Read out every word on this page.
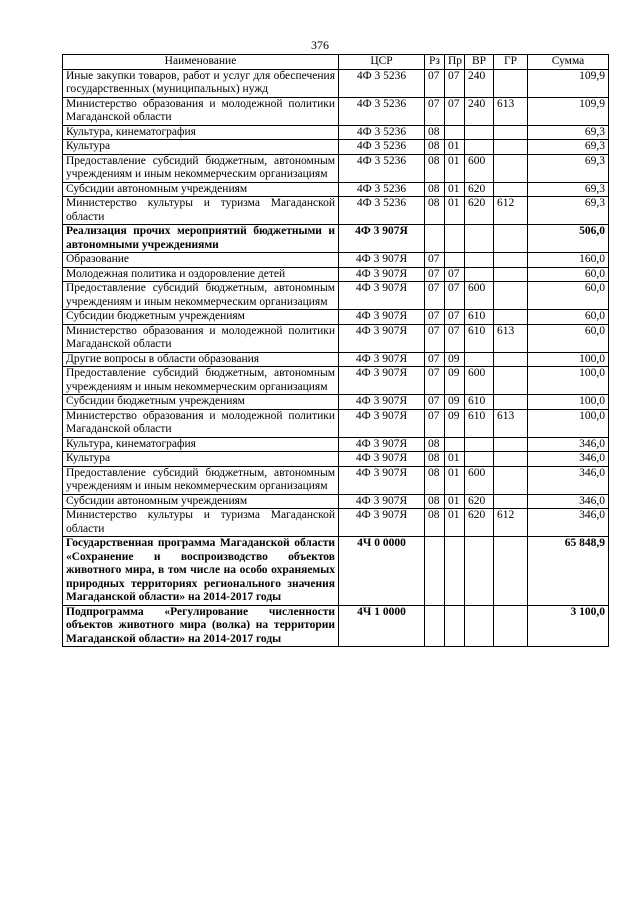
376
Наименование	ЦСР	Рз	Пр	ВР	ГР	Сумма
Иные закупки товаров, работ и услуг для обеспечения государственных (муниципальных) нужд	4Ф 3 5236	07	07	240		109,9
Министерство образования и молодежной политики Магаданской области	4Ф 3 5236	07	07	240	613	109,9
Культура, кинематография	4Ф 3 5236	08				69,3
Культура	4Ф 3 5236	08	01			69,3
Предоставление субсидий бюджетным, автономным учреждениям и иным некоммерческим организациям	4Ф 3 5236	08	01	600		69,3
Субсидии автономным учреждениям	4Ф 3 5236	08	01	620		69,3
Министерство культуры и туризма Магаданской области	4Ф 3 5236	08	01	620	612	69,3
Реализация прочих мероприятий бюджетными и автономными учреждениями	4Ф 3 907Я					506,0
Образование	4Ф 3 907Я	07				160,0
Молодежная политика и оздоровление детей	4Ф 3 907Я	07	07			60,0
Предоставление субсидий бюджетным, автономным учреждениям и иным некоммерческим организациям	4Ф 3 907Я	07	07	600		60,0
Субсидии бюджетным учреждениям	4Ф 3 907Я	07	07	610		60,0
Министерство образования и молодежной политики Магаданской области	4Ф 3 907Я	07	07	610	613	60,0
Другие вопросы в области образования	4Ф 3 907Я	07	09			100,0
Предоставление субсидий бюджетным, автономным учреждениям и иным некоммерческим организациям	4Ф 3 907Я	07	09	600		100,0
Субсидии бюджетным учреждениям	4Ф 3 907Я	07	09	610		100,0
Министерство образования и молодежной политики Магаданской области	4Ф 3 907Я	07	09	610	613	100,0
Культура, кинематография	4Ф 3 907Я	08				346,0
Культура	4Ф 3 907Я	08	01			346,0
Предоставление субсидий бюджетным, автономным учреждениям и иным некоммерческим организациям	4Ф 3 907Я	08	01	600		346,0
Субсидии автономным учреждениям	4Ф 3 907Я	08	01	620		346,0
Министерство культуры и туризма Магаданской области	4Ф 3 907Я	08	01	620	612	346,0
Государственная программа Магаданской области «Сохранение и воспроизводство объектов животного мира, в том числе на особо охраняемых природных территориях регионального значения Магаданской области» на 2014-2017 годы	4Ч 0 0000					65 848,9
Подпрограмма «Регулирование численности объектов животного мира (волка) на территории Магаданской области» на 2014-2017 годы	4Ч 1 0000					3 100,0
